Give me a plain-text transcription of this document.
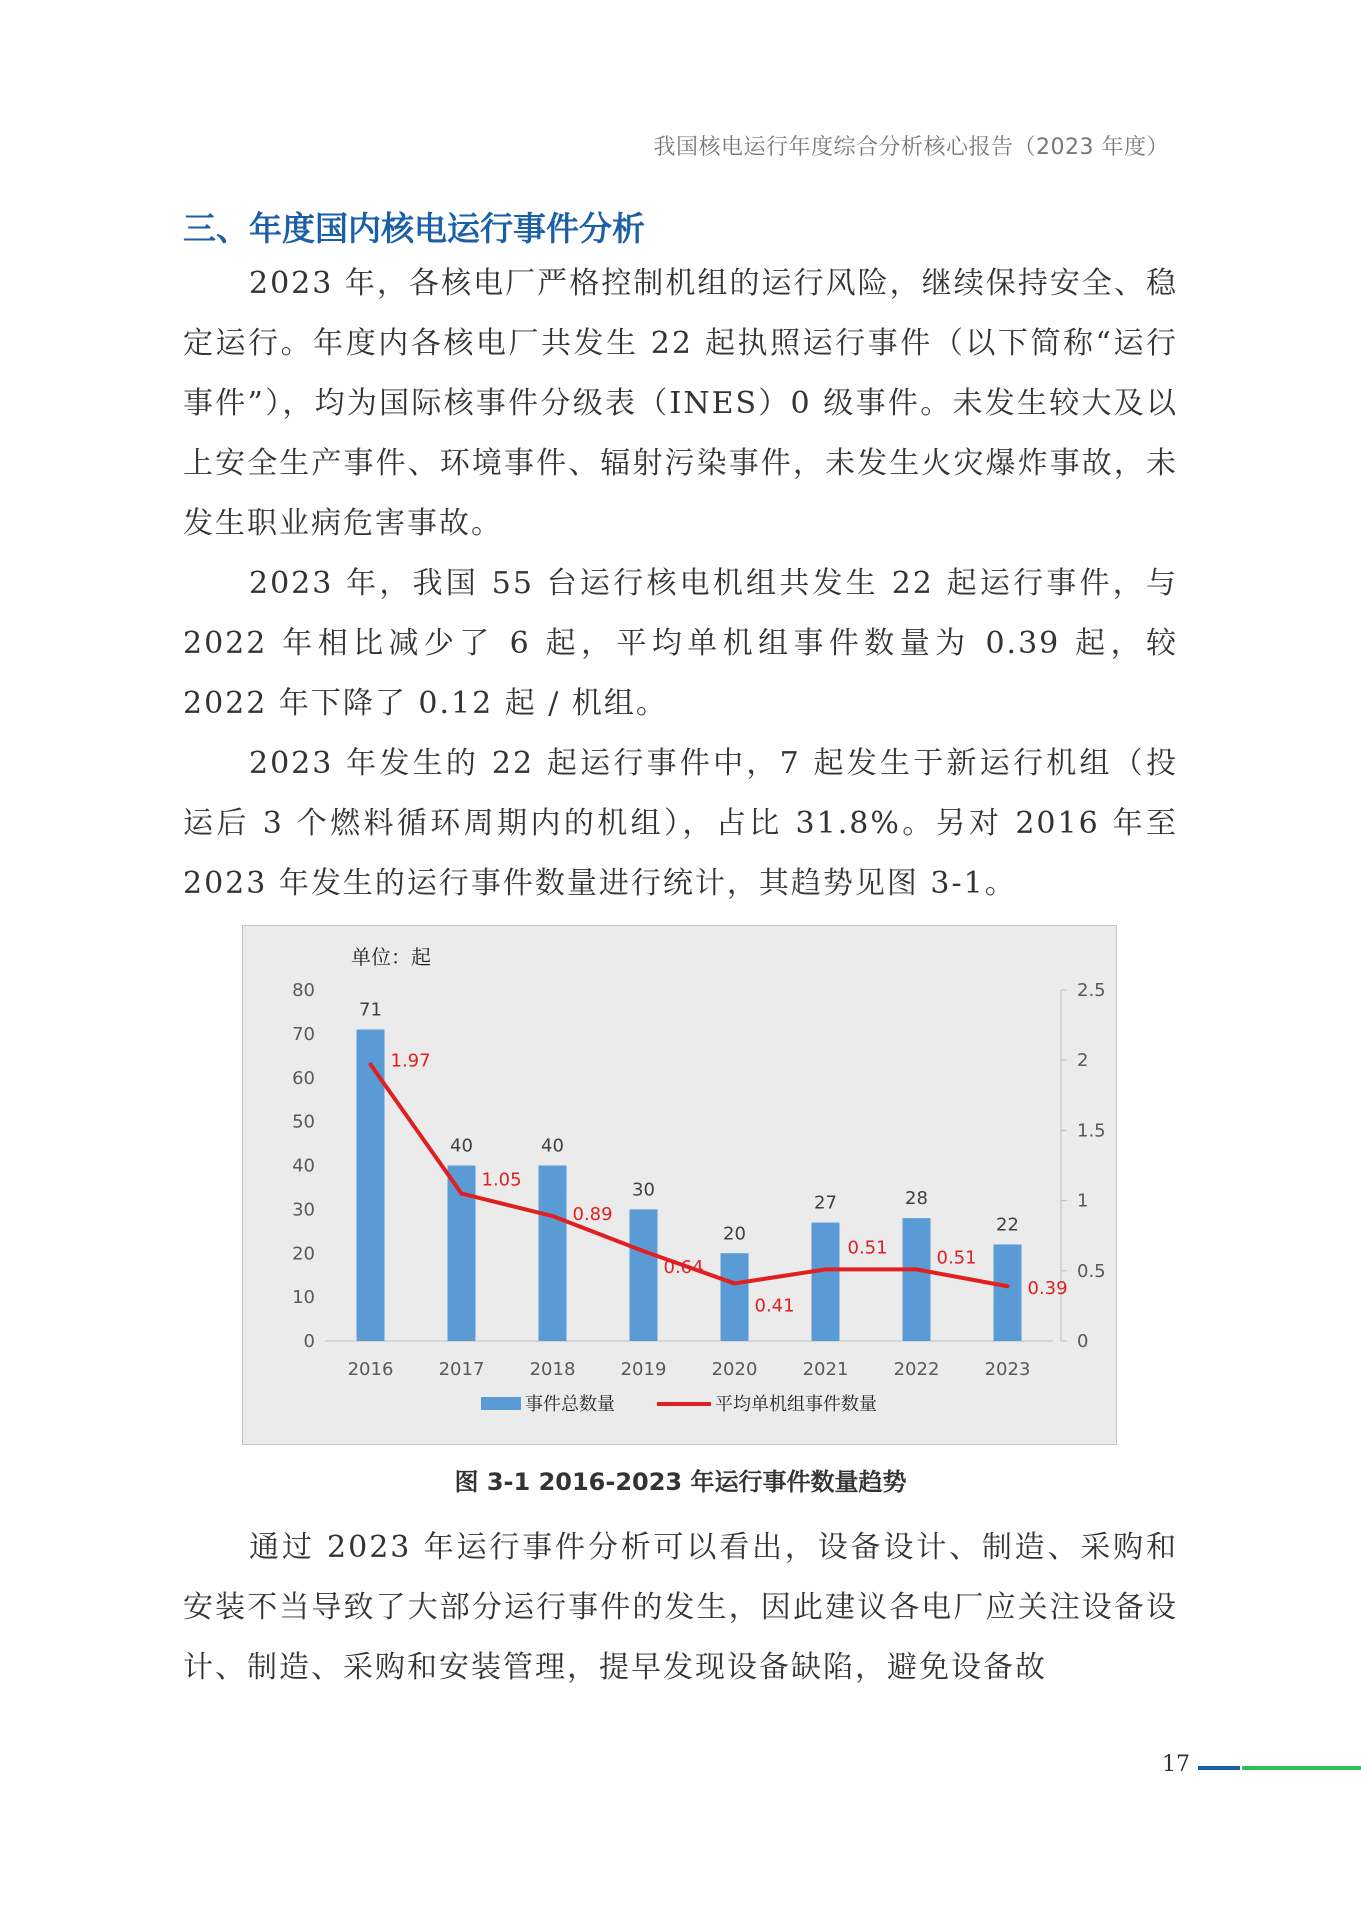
我国核电运行年度综合分析核心报告（2023 年度）
三、年度国内核电运行事件分析

2023 年，各核电厂严格控制机组的运行风险，继续保持安全、稳定运行。年度内各核电厂共发生 22 起执照运行事件（以下简称“运行事件”），均为国际核事件分级表（INES）0 级事件。未发生较大及以上安全生产事件、环境事件、辐射污染事件，未发生火灾爆炸事故，未发生职业病危害事故。

2023 年，我国 55 台运行核电机组共发生 22 起运行事件，与 2022 年相比减少了 6 起，平均单机组事件数量为 0.39 起，较 2022 年下降了 0.12 起 / 机组。

2023 年发生的 22 起运行事件中，7 起发生于新运行机组（投运后 3 个燃料循环周期内的机组），占比 31.8%。另对 2016 年至 2023 年发生的运行事件数量进行统计，其趋势见图 3-1。

单位：起
0
10
20
30
40
50
60
70
80
0
0.5
1
1.5
2
2.5
71
40	40
30
20
27	28
22
2016	2017	2018	2019	2020	2021	2022	2023
1.97
1.05
0.89
0.64
0.41
0.51	0.51
0.39
事件总数量	平均单机组事件数量
图 3-1 2016-2023 年运行事件数量趋势

通过 2023 年运行事件分析可以看出，设备设计、制造、采购和安装不当导致了大部分运行事件的发生，因此建议各电厂应关注设备设计、制造、采购和安装管理，提早发现设备缺陷，避免设备故

17
